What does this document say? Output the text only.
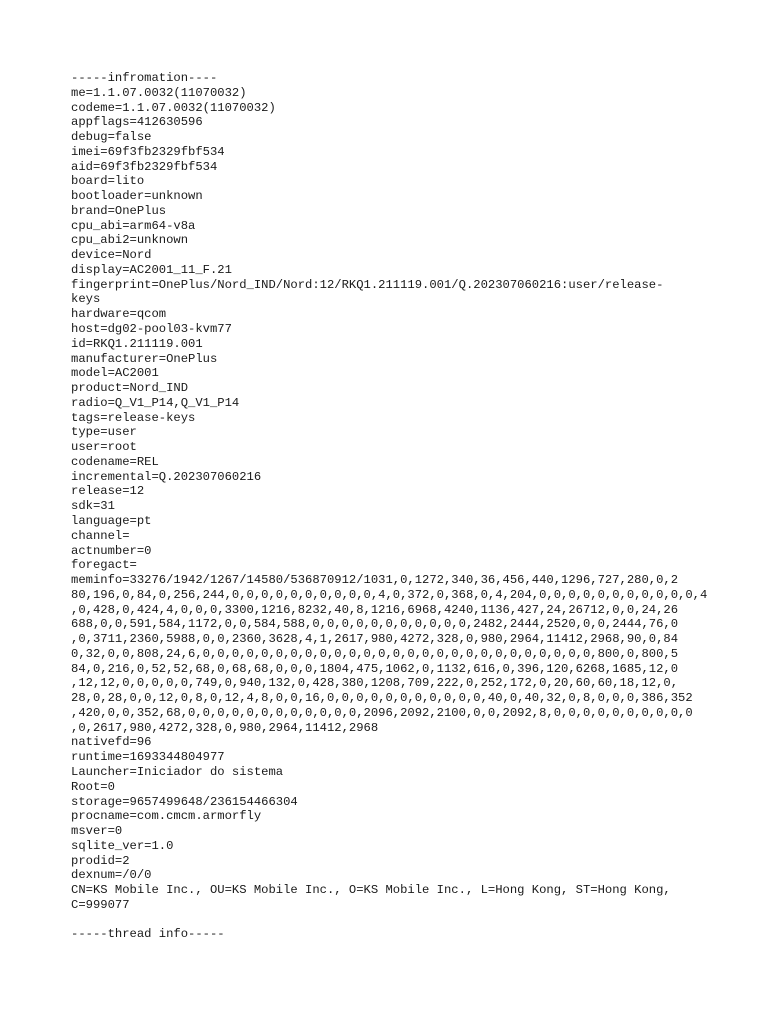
-----infromation----
me=1.1.07.0032(11070032)
codeme=1.1.07.0032(11070032)
appflags=412630596
debug=false
imei=69f3fb2329fbf534
aid=69f3fb2329fbf534
board=lito
bootloader=unknown
brand=OnePlus
cpu_abi=arm64-v8a
cpu_abi2=unknown
device=Nord
display=AC2001_11_F.21
fingerprint=OnePlus/Nord_IND/Nord:12/RKQ1.211119.001/Q.202307060216:user/release-
keys
hardware=qcom
host=dg02-pool03-kvm77
id=RKQ1.211119.001
manufacturer=OnePlus
model=AC2001
product=Nord_IND
radio=Q_V1_P14,Q_V1_P14
tags=release-keys
type=user
user=root
codename=REL
incremental=Q.202307060216
release=12
sdk=31
language=pt
channel=
actnumber=0
foregact=
meminfo=33276/1942/1267/14580/536870912/1031,0,1272,340,36,456,440,1296,727,280,0,2
80,196,0,84,0,256,244,0,0,0,0,0,0,0,0,0,0,4,0,372,0,368,0,4,204,0,0,0,0,0,0,0,0,0,0,0,4
,0,428,0,424,4,0,0,0,3300,1216,8232,40,8,1216,6968,4240,1136,427,24,26712,0,0,24,26
688,0,0,591,584,1172,0,0,584,588,0,0,0,0,0,0,0,0,0,0,0,2482,2444,2520,0,0,2444,76,0
,0,3711,2360,5988,0,0,2360,3628,4,1,2617,980,4272,328,0,980,2964,11412,2968,90,0,84
0,32,0,0,808,24,6,0,0,0,0,0,0,0,0,0,0,0,0,0,0,0,0,0,0,0,0,0,0,0,0,0,0,0,800,0,800,5
84,0,216,0,52,52,68,0,68,68,0,0,0,1804,475,1062,0,1132,616,0,396,120,6268,1685,12,0
,12,12,0,0,0,0,0,749,0,940,132,0,428,380,1208,709,222,0,252,172,0,20,60,60,18,12,0,
28,0,28,0,0,12,0,8,0,12,4,8,0,0,16,0,0,0,0,0,0,0,0,0,0,0,40,0,40,32,0,8,0,0,0,386,352
,420,0,0,352,68,0,0,0,0,0,0,0,0,0,0,0,0,2096,2092,2100,0,0,2092,8,0,0,0,0,0,0,0,0,0,0
,0,2617,980,4272,328,0,980,2964,11412,2968
nativefd=96
runtime=1693344804977
Launcher=Iniciador do sistema
Root=0
storage=9657499648/236154466304
procname=com.cmcm.armorfly
msver=0
sqlite_ver=1.0
prodid=2
dexnum=/0/0
CN=KS Mobile Inc., OU=KS Mobile Inc., O=KS Mobile Inc., L=Hong Kong, ST=Hong Kong,
C=999077
-----thread info-----
